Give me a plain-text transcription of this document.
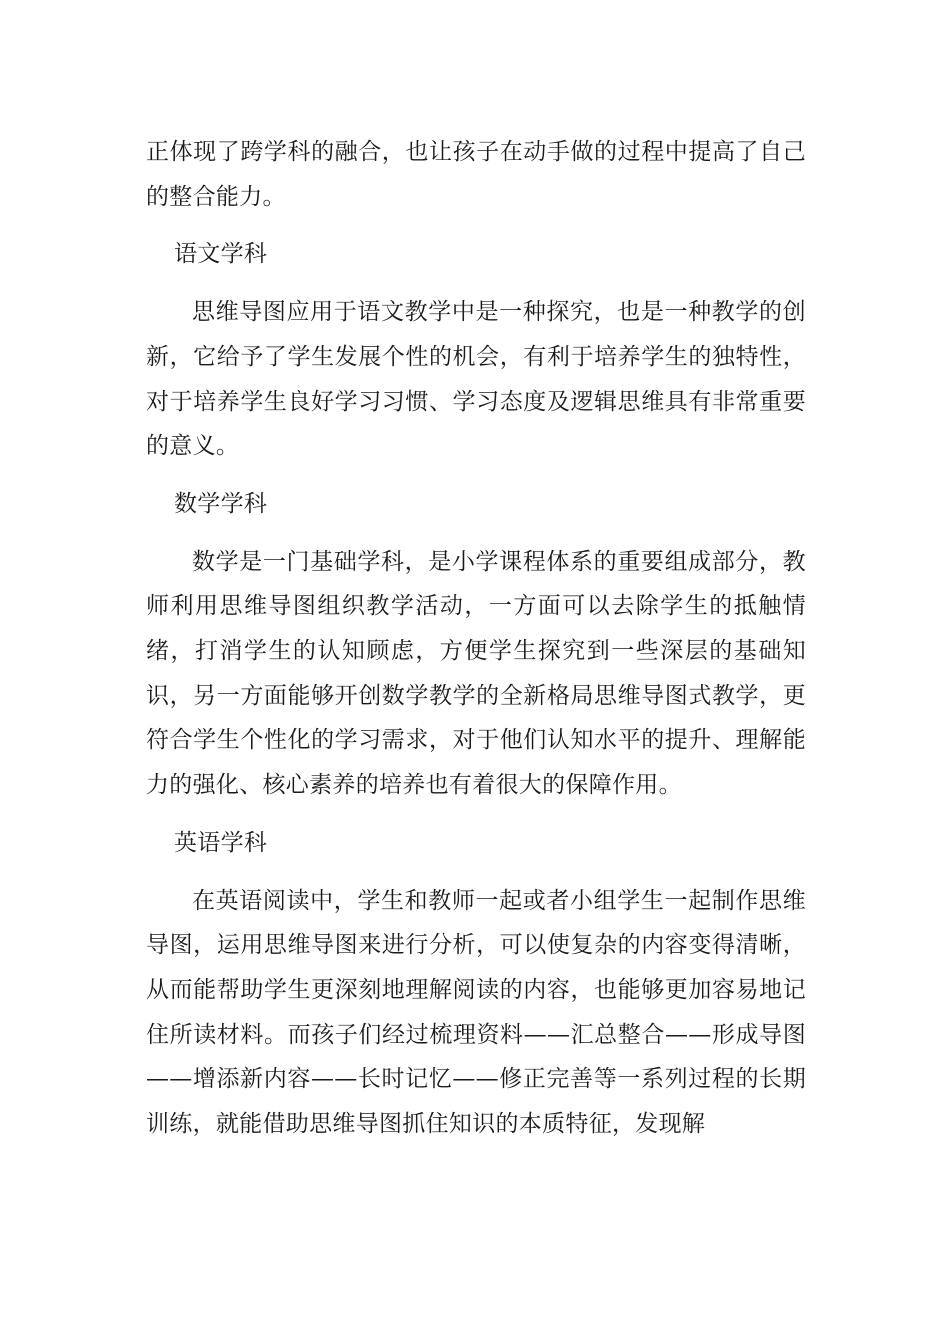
正体现了跨学科的融合，也让孩子在动手做的过程中提高了自己的整合能力。

语文学科

思维导图应用于语文教学中是一种探究，也是一种教学的创新，它给予了学生发展个性的机会，有利于培养学生的独特性，对于培养学生良好学习习惯、学习态度及逻辑思维具有非常重要的意义。

数学学科

数学是一门基础学科，是小学课程体系的重要组成部分，教师利用思维导图组织教学活动，一方面可以去除学生的抵触情绪，打消学生的认知顾虑，方便学生探究到一些深层的基础知识，另一方面能够开创数学教学的全新格局思维导图式教学，更符合学生个性化的学习需求，对于他们认知水平的提升、理解能力的强化、核心素养的培养也有着很大的保障作用。

英语学科

在英语阅读中，学生和教师一起或者小组学生一起制作思维导图，运用思维导图来进行分析，可以使复杂的内容变得清晰，从而能帮助学生更深刻地理解阅读的内容，也能够更加容易地记住所读材料。而孩子们经过梳理资料——汇总整合——形成导图——增添新内容——长时记忆——修正完善等一系列过程的长期训练，就能借助思维导图抓住知识的本质特征，发现解
